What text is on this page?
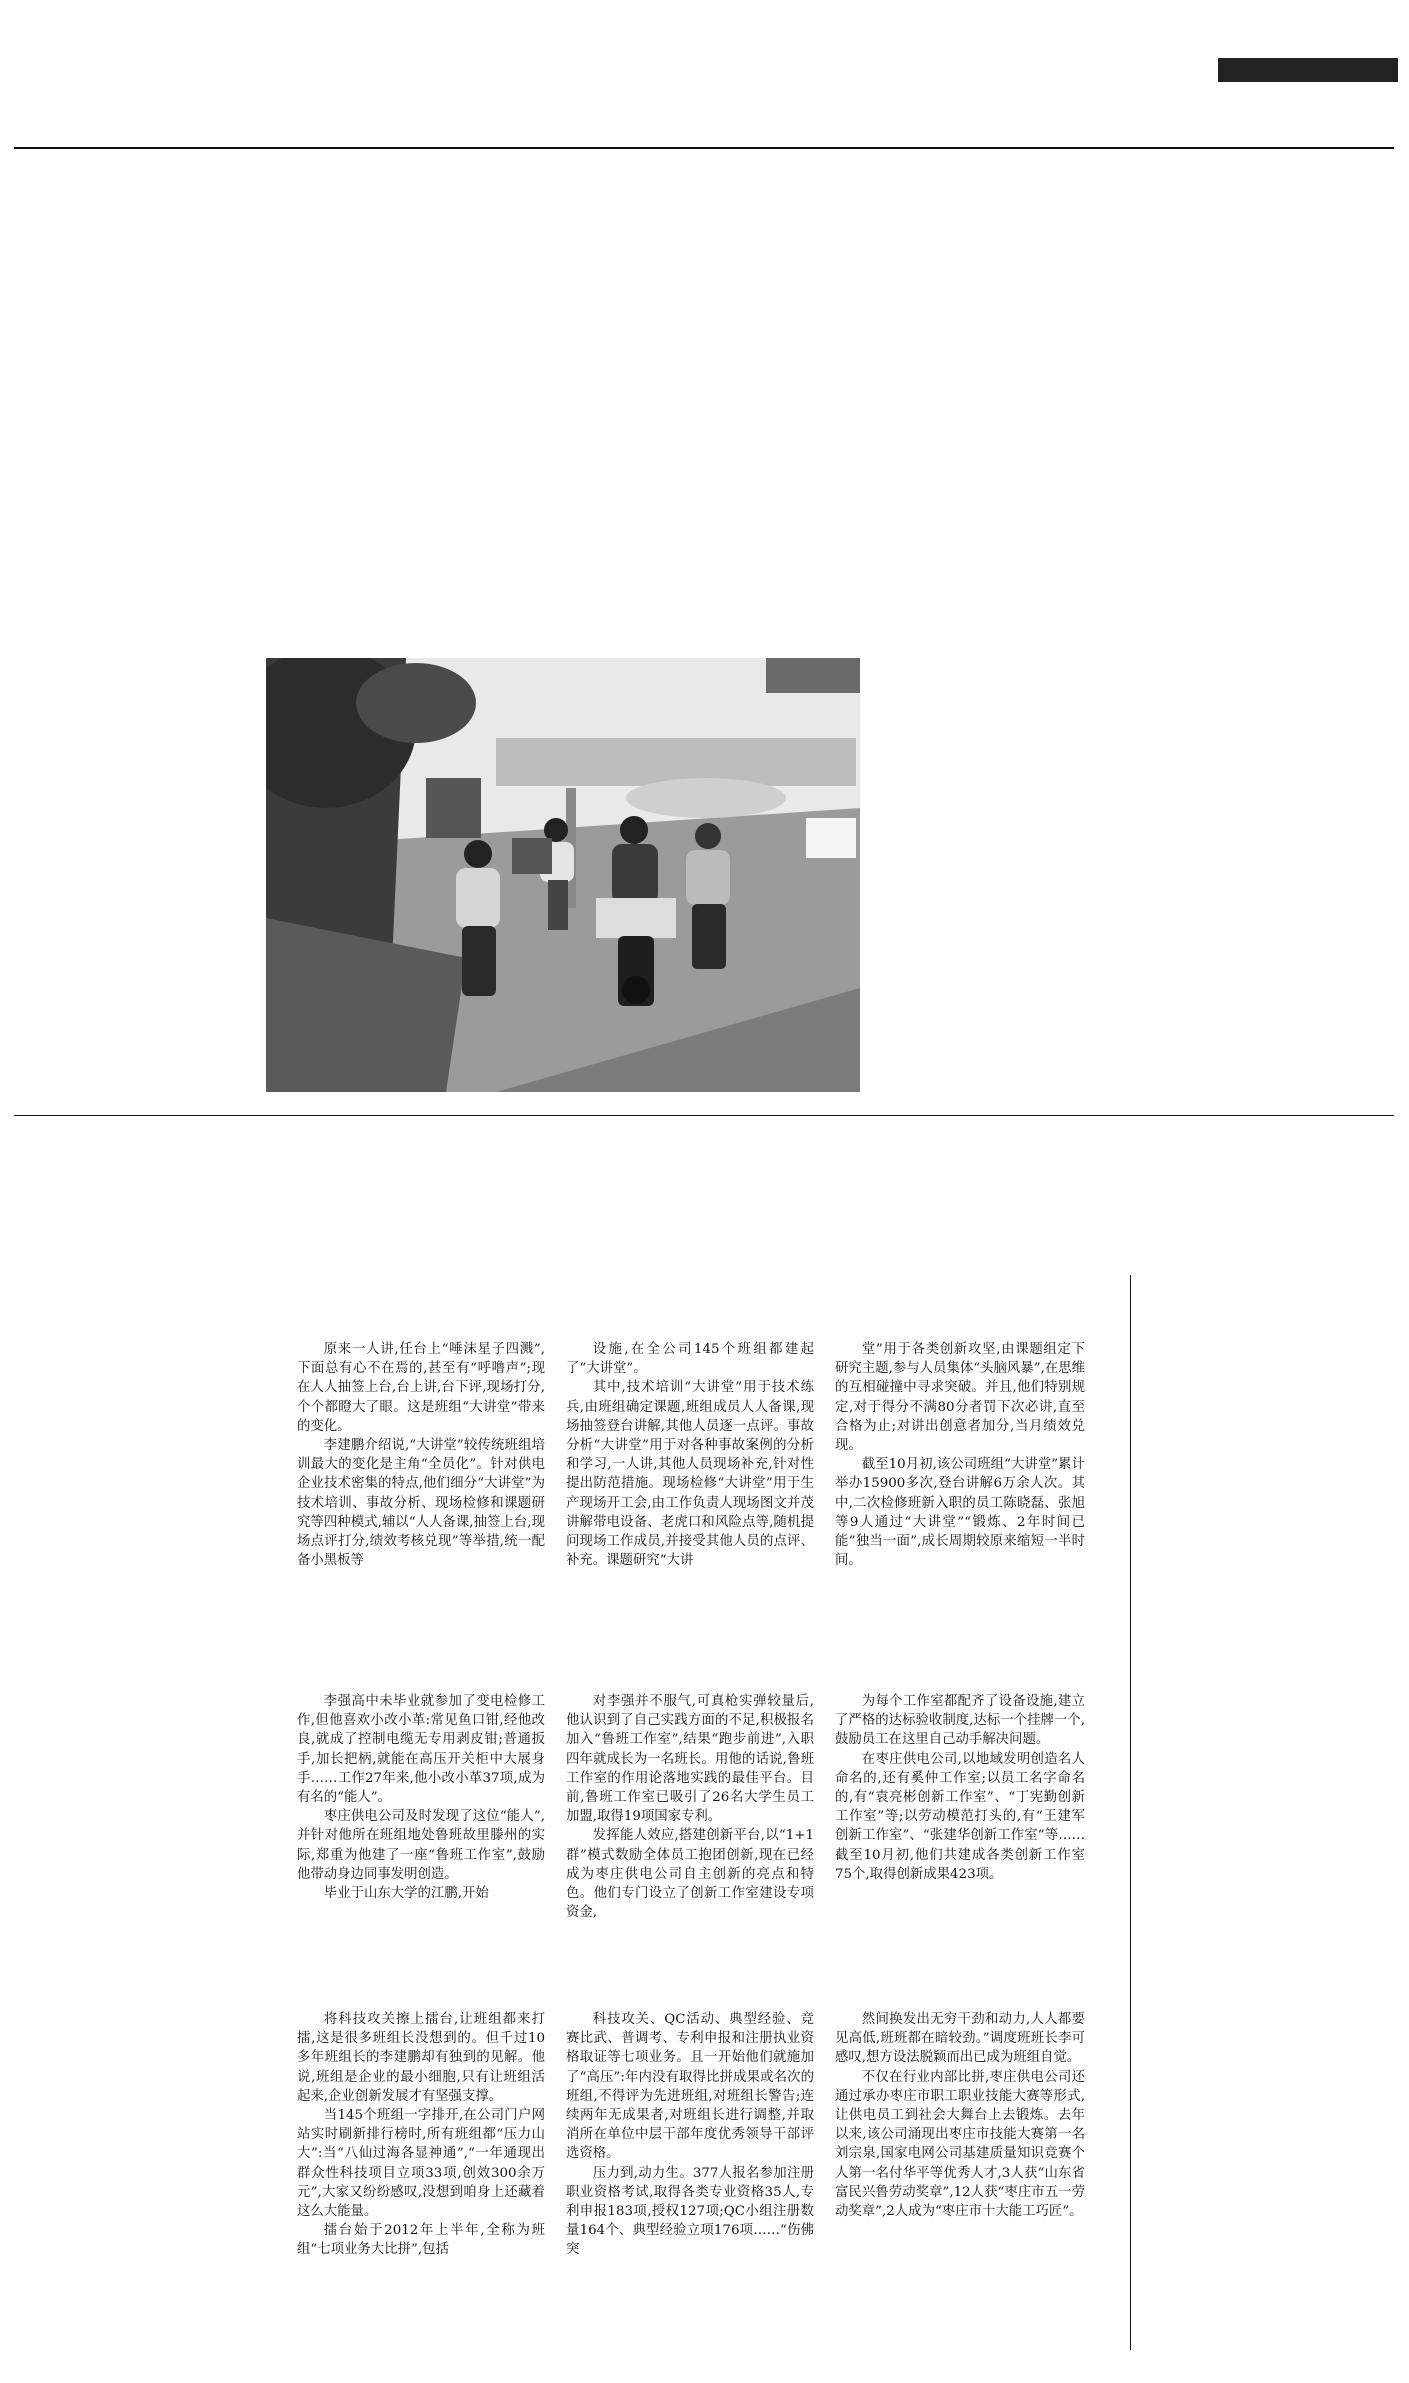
原来一人讲,任台上“唾沫星子四溅”,下面总有心不在焉的,甚至有“呼噜声”;现在人人抽签上台,台上讲,台下评,现场打分,个个都瞪大了眼。这是班组“大讲堂”带来的变化。

李建鹏介绍说,“大讲堂”较传统班组培训最大的变化是主角“全员化”。针对供电企业技术密集的特点,他们细分“大讲堂”为技术培训、事故分析、现场检修和课题研究等四种模式,辅以“人人备课,抽签上台,现场点评打分,绩效考核兑现”等举措,统一配备小黑板等

设施,在全公司145个班组都建起了“大讲堂”。

其中,技术培训“大讲堂”用于技术练兵,由班组确定课题,班组成员人人备课,现场抽签登台讲解,其他人员逐一点评。事故分析“大讲堂”用于对各种事故案例的分析和学习,一人讲,其他人员现场补充,针对性提出防范措施。现场检修“大讲堂”用于生产现场开工会,由工作负责人现场图文并茂讲解带电设备、老虎口和风险点等,随机提问现场工作成员,并接受其他人员的点评、补充。课题研究“大讲

堂”用于各类创新攻坚,由课题组定下研究主题,参与人员集体“头脑风暴”,在思维的互相碰撞中寻求突破。并且,他们特别规定,对于得分不满80分者罚下次必讲,直至合格为止;对讲出创意者加分,当月绩效兑现。

截至10月初,该公司班组“大讲堂”累计举办15900多次,登台讲解6万余人次。其中,二次检修班新入职的员工陈晓磊、张旭等9人通过“大讲堂”“锻炼、2年时间已能”独当一面”,成长周期较原来缩短一半时间。

李强高中未毕业就参加了变电检修工作,但他喜欢小改小革:常见鱼口钳,经他改良,就成了控制电缆无专用剥皮钳;普通扳手,加长把柄,就能在高压开关柜中大展身手……工作27年来,他小改小革37项,成为有名的“能人”。

枣庄供电公司及时发现了这位“能人”,并针对他所在班组地处鲁班故里滕州的实际,郑重为他建了一座“鲁班工作室”,鼓励他带动身边同事发明创造。

毕业于山东大学的江鹏,开始

对李强并不服气,可真枪实弹较量后,他认识到了自己实践方面的不足,积极报名加入“鲁班工作室”,结果“跑步前进”,入职四年就成长为一名班长。用他的话说,鲁班工作室的作用论落地实践的最佳平台。目前,鲁班工作室已吸引了26名大学生员工加盟,取得19项国家专利。

发挥能人效应,搭建创新平台,以“1+1群”模式数励全体员工抱团创新,现在已经成为枣庄供电公司自主创新的亮点和特色。他们专门设立了创新工作室建设专项资金,

为每个工作室都配齐了设备设施,建立了严格的达标验收制度,达标一个挂牌一个,鼓励员工在这里自己动手解决问题。

在枣庄供电公司,以地域发明创造名人命名的,还有奚仲工作室;以员工名字命名的,有“袁亮彬创新工作室”、“丁宪勤创新工作室”等;以劳动模范打头的,有“王建军创新工作室”、“张建华创新工作室”等……截至10月初,他们共建成各类创新工作室75个,取得创新成果423项。

将科技攻关擦上擂台,让班组都来打擂,这是很多班组长没想到的。但千过10多年班组长的李建鹏却有独到的见解。他说,班组是企业的最小细胞,只有让班组活起来,企业创新发展才有坚强支撑。

当145个班组一字排开,在公司门户网站实时刷新排行榜时,所有班组都“压力山大”:当“八仙过海各显神通”,“一年通现出群众性科技项目立项33项,创效300余万元”,大家又纷纷感叹,没想到咱身上还藏着这么大能量。

擂台始于2012年上半年,全称为班组“七项业务大比拼”,包括

科技攻关、QC活动、典型经验、竞赛比武、普调考、专利申报和注册执业资格取证等七项业务。且一开始他们就施加了“高压”:年内没有取得比拼成果或名次的班组,不得评为先进班组,对班组长警告;连续两年无成果者,对班组长进行调整,并取消所在单位中层干部年度优秀领导干部评选资格。

压力到,动力生。377人报名参加注册职业资格考试,取得各类专业资格35人,专利申报183项,授权127项;QC小组注册数量164个、典型经验立项176项……“伤佛突

然间换发出无穷干劲和动力,人人都要见高低,班班都在暗较劲。”调度班班长李可感叹,想方设法脱颖而出已成为班组自觉。

不仅在行业内部比拼,枣庄供电公司还通过承办枣庄市职工职业技能大赛等形式,让供电员工到社会大舞台上去锻炼。去年以来,该公司涌现出枣庄市技能大赛第一名刘宗泉,国家电网公司基建质量知识竞赛个人第一名付华平等优秀人才,3人获“山东省富民兴鲁劳动奖章”,12人获“枣庄市五一劳动奖章”,2人成为“枣庄市十大能工巧匠”。
